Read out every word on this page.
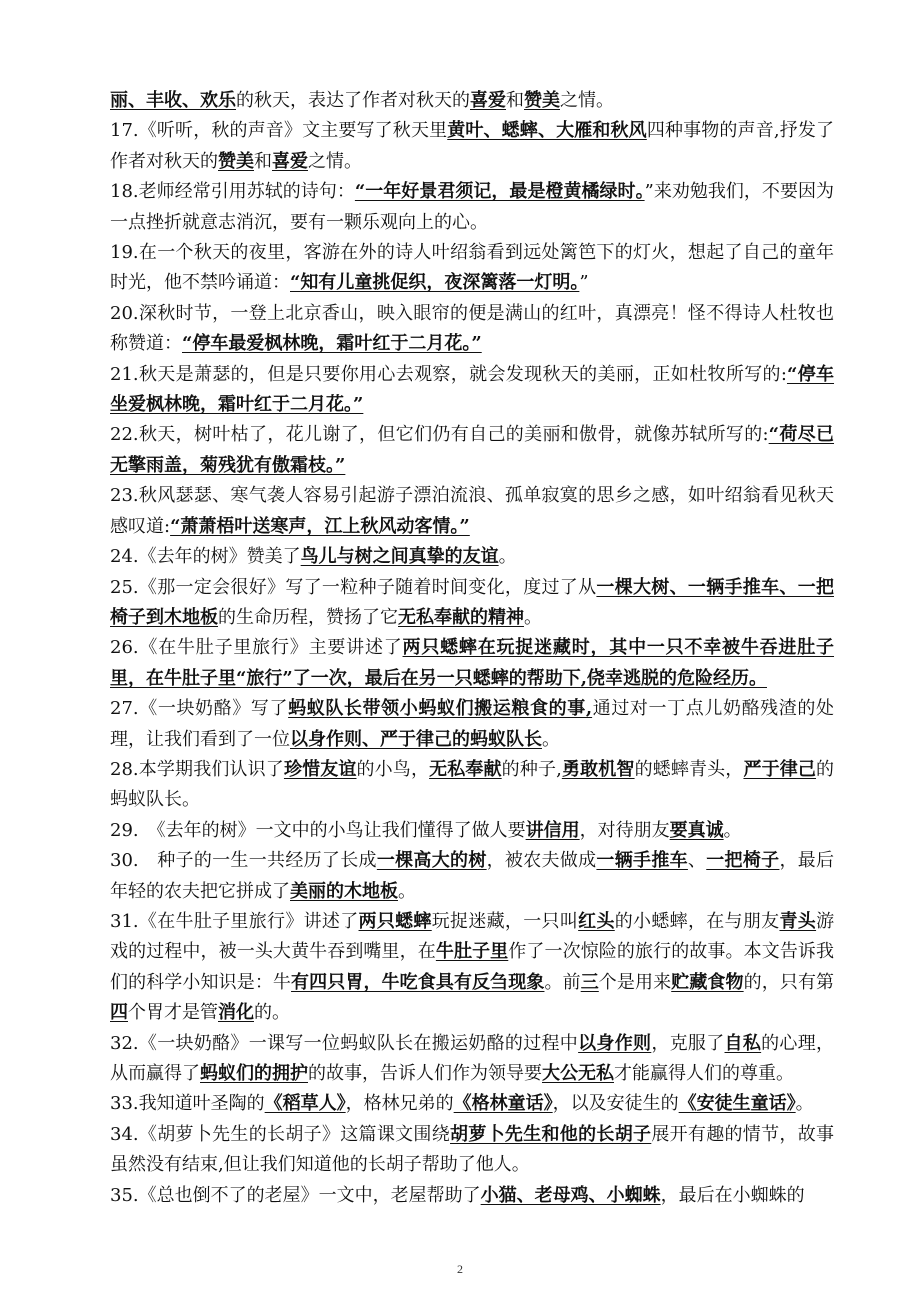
丽、丰收、欢乐的秋天，表达了作者对秋天的喜爱和赞美之情。

17.《听听，秋的声音》文主要写了秋天里黄叶、蟋蟀、大雁和秋风四种事物的声音,抒发了作者对秋天的赞美和喜爱之情。

18.老师经常引用苏轼的诗句：“一年好景君须记，最是橙黄橘绿时。”来劝勉我们，不要因为一点挫折就意志消沉，要有一颗乐观向上的心。

19.在一个秋天的夜里，客游在外的诗人叶绍翁看到远处篱笆下的灯火，想起了自己的童年时光，他不禁吟诵道：“知有儿童挑促织，夜深篱落一灯明。”

20.深秋时节，一登上北京香山，映入眼帘的便是满山的红叶，真漂亮！怪不得诗人杜牧也称赞道：“停车最爱枫林晚，霜叶红于二月花。”

21.秋天是萧瑟的，但是只要你用心去观察，就会发现秋天的美丽，正如杜牧所写的:“停车坐爱枫林晚，霜叶红于二月花。”

22.秋天，树叶枯了，花儿谢了，但它们仍有自己的美丽和傲骨，就像苏轼所写的:“荷尽已无擎雨盖，菊残犹有傲霜枝。”

23.秋风瑟瑟、寒气袭人容易引起游子漂泊流浪、孤单寂寞的思乡之感，如叶绍翁看见秋天感叹道:“萧萧梧叶送寒声，江上秋风动客情。”

24.《去年的树》赞美了鸟儿与树之间真挚的友谊。

25.《那一定会很好》写了一粒种子随着时间变化，度过了从一棵大树、一辆手推车、一把椅子到木地板的生命历程，赞扬了它无私奉献的精神。

26.《在牛肚子里旅行》主要讲述了两只蟋蟀在玩捉迷藏时，其中一只不幸被牛吞进肚子里，在牛肚子里“旅行”了一次，最后在另一只蟋蟀的帮助下,侥幸逃脱的危险经历。

27.《一块奶酪》写了蚂蚁队长带领小蚂蚁们搬运粮食的事,通过对一丁点儿奶酪残渣的处理，让我们看到了一位以身作则、严于律己的蚂蚁队长。

28.本学期我们认识了珍惜友谊的小鸟，无私奉献的种子,勇敢机智的蟋蟀青头，严于律己的蚂蚁队长。

29.　《去年的树》一文中的小鸟让我们懂得了做人要讲信用，对待朋友要真诚。

30.　种子的一生一共经历了长成一棵高大的树，被农夫做成一辆手推车、一把椅子，最后年轻的农夫把它拼成了美丽的木地板。

31.《在牛肚子里旅行》讲述了两只蟋蟀玩捉迷藏，一只叫红头的小蟋蟀，在与朋友青头游戏的过程中，被一头大黄牛吞到嘴里，在牛肚子里作了一次惊险的旅行的故事。本文告诉我们的科学小知识是：牛有四只胃，牛吃食具有反刍现象。前三个是用来贮藏食物的，只有第四个胃才是管消化的。

32.《一块奶酪》一课写一位蚂蚁队长在搬运奶酪的过程中以身作则，克服了自私的心理，从而赢得了蚂蚁们的拥护的故事，告诉人们作为领导要大公无私才能赢得人们的尊重。

33.我知道叶圣陶的《稻草人》，格林兄弟的《格林童话》，以及安徒生的《安徒生童话》。

34.《胡萝卜先生的长胡子》这篇课文围绕胡萝卜先生和他的长胡子展开有趣的情节，故事虽然没有结束,但让我们知道他的长胡子帮助了他人。

35.《总也倒不了的老屋》一文中，老屋帮助了小猫、老母鸡、小蜘蛛，最后在小蜘蛛的

2
